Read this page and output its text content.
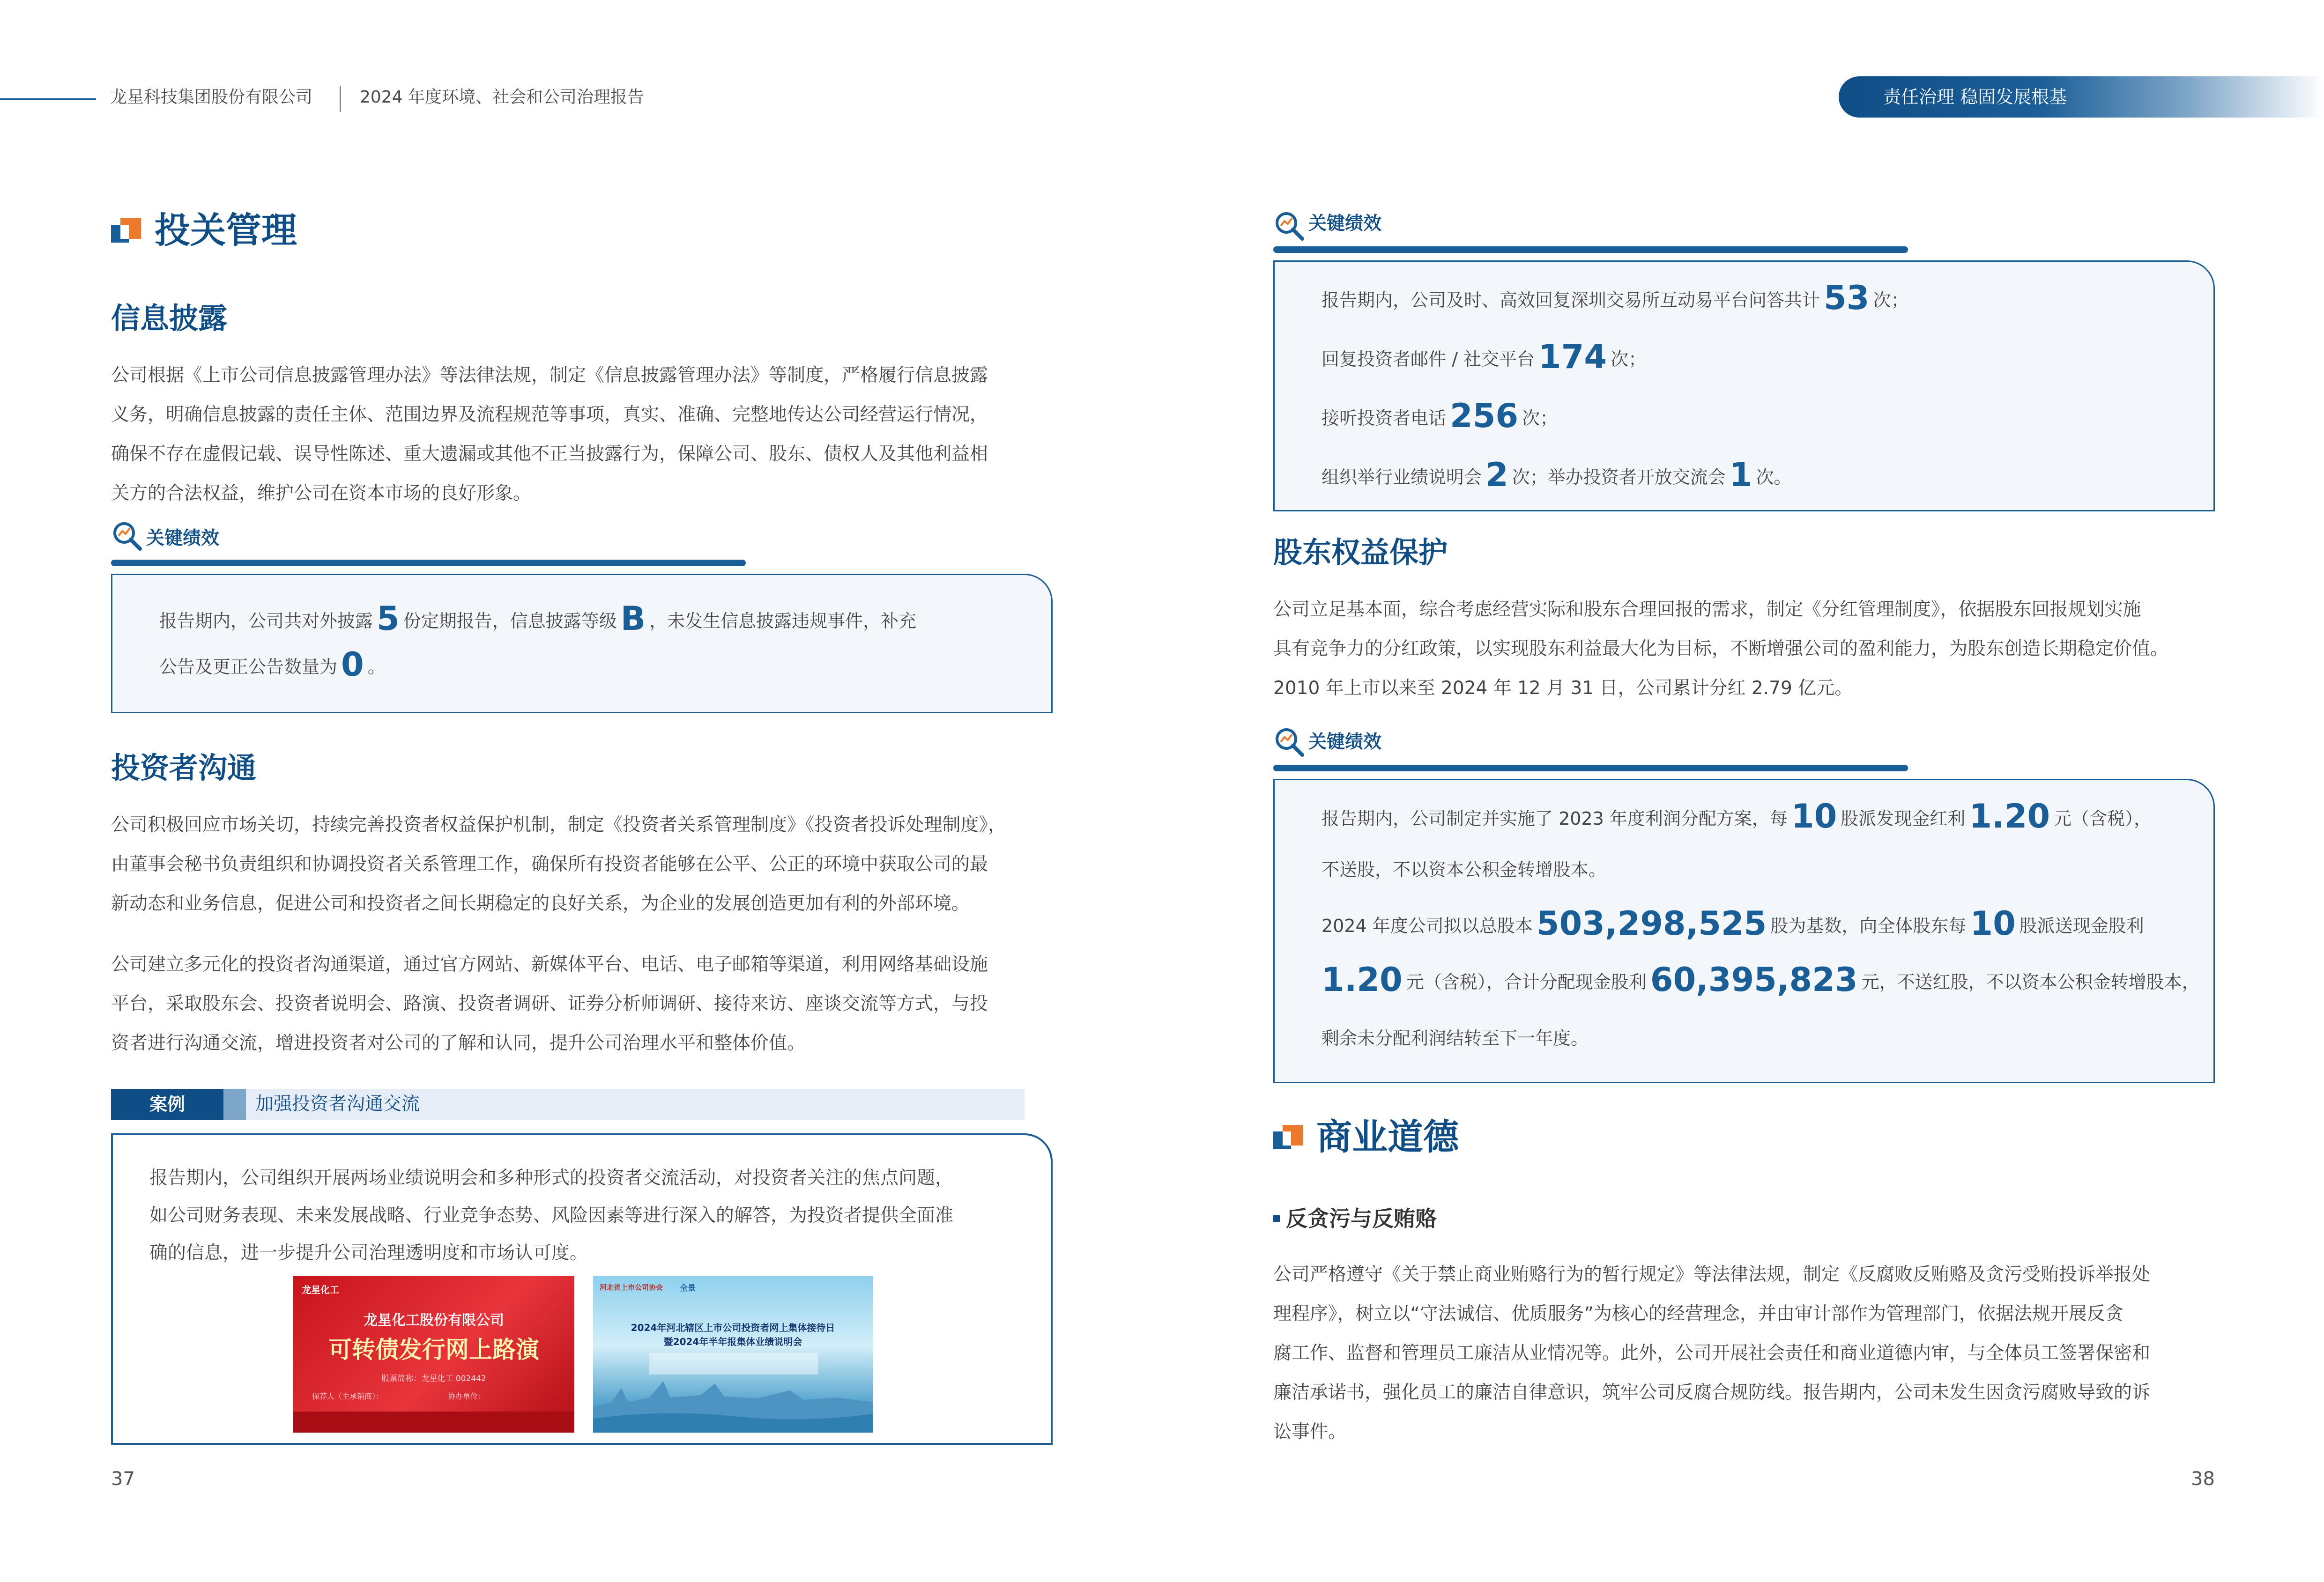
龙星科技集团股份有限公司	2024 年度环境、社会和公司治理报告	责任治理 稳固发展根基
投关管理
信息披露

公司根据《上市公司信息披露管理办法》等法律法规，制定《信息披露管理办法》等制度，严格履行信息披露

义务，明确信息披露的责任主体、范围边界及流程规范等事项，真实、准确、完整地传达公司经营运行情况，

确保不存在虚假记载、误导性陈述、重大遗漏或其他不正当披露行为，保障公司、股东、债权人及其他利益相

关方的合法权益，维护公司在资本市场的良好形象。

关键绩效
报告期内，公司共对外披露 5 份定期报告，信息披露等级 B ，未发生信息披露违规事件，补充
公告及更正公告数量为 0 。
投资者沟通

公司积极回应市场关切，持续完善投资者权益保护机制，制定《投资者关系管理制度》《投资者投诉处理制度》，

由董事会秘书负责组织和协调投资者关系管理工作，确保所有投资者能够在公平、公正的环境中获取公司的最

新动态和业务信息，促进公司和投资者之间长期稳定的良好关系，为企业的发展创造更加有利的外部环境。

公司建立多元化的投资者沟通渠道，通过官方网站、新媒体平台、电话、电子邮箱等渠道，利用网络基础设施

平台，采取股东会、投资者说明会、路演、投资者调研、证券分析师调研、接待来访、座谈交流等方式，与投

资者进行沟通交流，增进投资者对公司的了解和认同，提升公司治理水平和整体价值。

案例	加强投资者沟通交流

报告期内，公司组织开展两场业绩说明会和多种形式的投资者交流活动，对投资者关注的焦点问题，

如公司财务表现、未来发展战略、行业竞争态势、风险因素等进行深入的解答，为投资者提供全面准

确的信息，进一步提升公司治理透明度和市场认可度。

龙星化工
龙星化工股份有限公司
可转债发行网上路演
股票简称：龙星化工 002442
保荐人（主承销商）：	协办单位：
河北省上市公司协会 全景
2024年河北辖区上市公司投资者网上集体接待日
暨2024年半年报集体业绩说明会
37
关键绩效
报告期内，公司及时、高效回复深圳交易所互动易平台问答共计 53 次；
回复投资者邮件 / 社交平台 174 次；
接听投资者电话 256 次；
组织举行业绩说明会 2 次；举办投资者开放交流会 1 次。
股东权益保护

公司立足基本面，综合考虑经营实际和股东合理回报的需求，制定《分红管理制度》，依据股东回报规划实施

具有竞争力的分红政策，以实现股东利益最大化为目标，不断增强公司的盈利能力，为股东创造长期稳定价值。

2010 年上市以来至 2024 年 12 月 31 日，公司累计分红 2.79 亿元。

关键绩效
报告期内，公司制定并实施了 2023 年度利润分配方案，每 10 股派发现金红利 1.20 元（含税），
不送股，不以资本公积金转增股本。
2024 年度公司拟以总股本 503,298,525 股为基数，向全体股东每 10 股派送现金股利
1.20 元（含税），合计分配现金股利 60,395,823 元，不送红股，不以资本公积金转增股本，
剩余未分配利润结转至下一年度。
商业道德
反贪污与反贿赂

公司严格遵守《关于禁止商业贿赂行为的暂行规定》等法律法规，制定《反腐败反贿赂及贪污受贿投诉举报处

理程序》，树立以“守法诚信、优质服务”为核心的经营理念，并由审计部作为管理部门，依据法规开展反贪

腐工作、监督和管理员工廉洁从业情况等。此外，公司开展社会责任和商业道德内审，与全体员工签署保密和

廉洁承诺书，强化员工的廉洁自律意识，筑牢公司反腐合规防线。报告期内，公司未发生因贪污腐败导致的诉

讼事件。

38
